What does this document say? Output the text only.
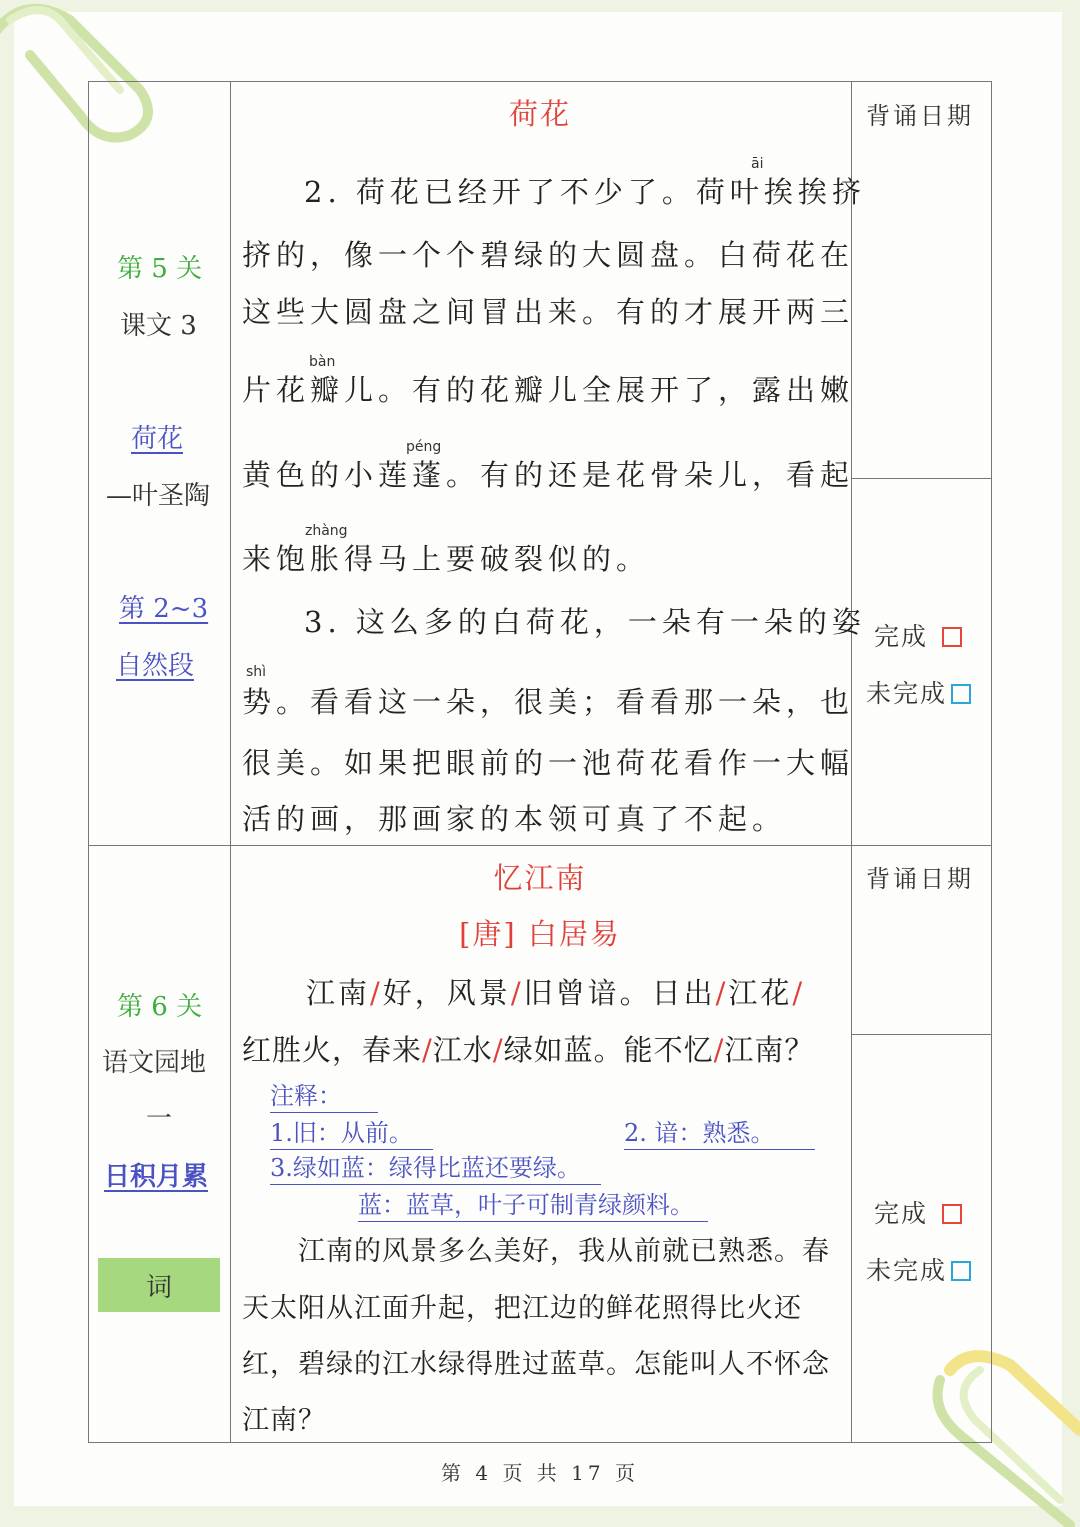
第 5 关
课文 3
荷花
—叶圣陶
第 2~3
自然段
荷花
āi
bàn
péng
zhàng
shì
2. 荷花已经开了不少了。荷叶挨挨挤
挤的，像一个个碧绿的大圆盘。白荷花在
这些大圆盘之间冒出来。有的才展开两三
片花瓣儿。有的花瓣儿全展开了，露出嫩
黄色的小莲蓬。有的还是花骨朵儿，看起
来饱胀得马上要破裂似的。
3. 这么多的白荷花，一朵有一朵的姿
势。看看这一朵，很美；看看那一朵，也
很美。如果把眼前的一池荷花看作一大幅
活的画，那画家的本领可真了不起。
背诵日期
完成
未完成
第 6 关
语文园地
一
日积月累
词
忆江南
[唐] 白居易
江南/好，风景/旧曾谙。日出/江花/
红胜火，春来/江水/绿如蓝。能不忆/江南？
注释：
1.旧：从前。	2. 谙：熟悉。
3.绿如蓝：绿得比蓝还要绿。
蓝：蓝草，叶子可制青绿颜料。
江南的风景多么美好，我从前就已熟悉。春
天太阳从江面升起，把江边的鲜花照得比火还
红，碧绿的江水绿得胜过蓝草。怎能叫人不怀念
江南？
背诵日期
完成
未完成
第 4 页 共 17 页
